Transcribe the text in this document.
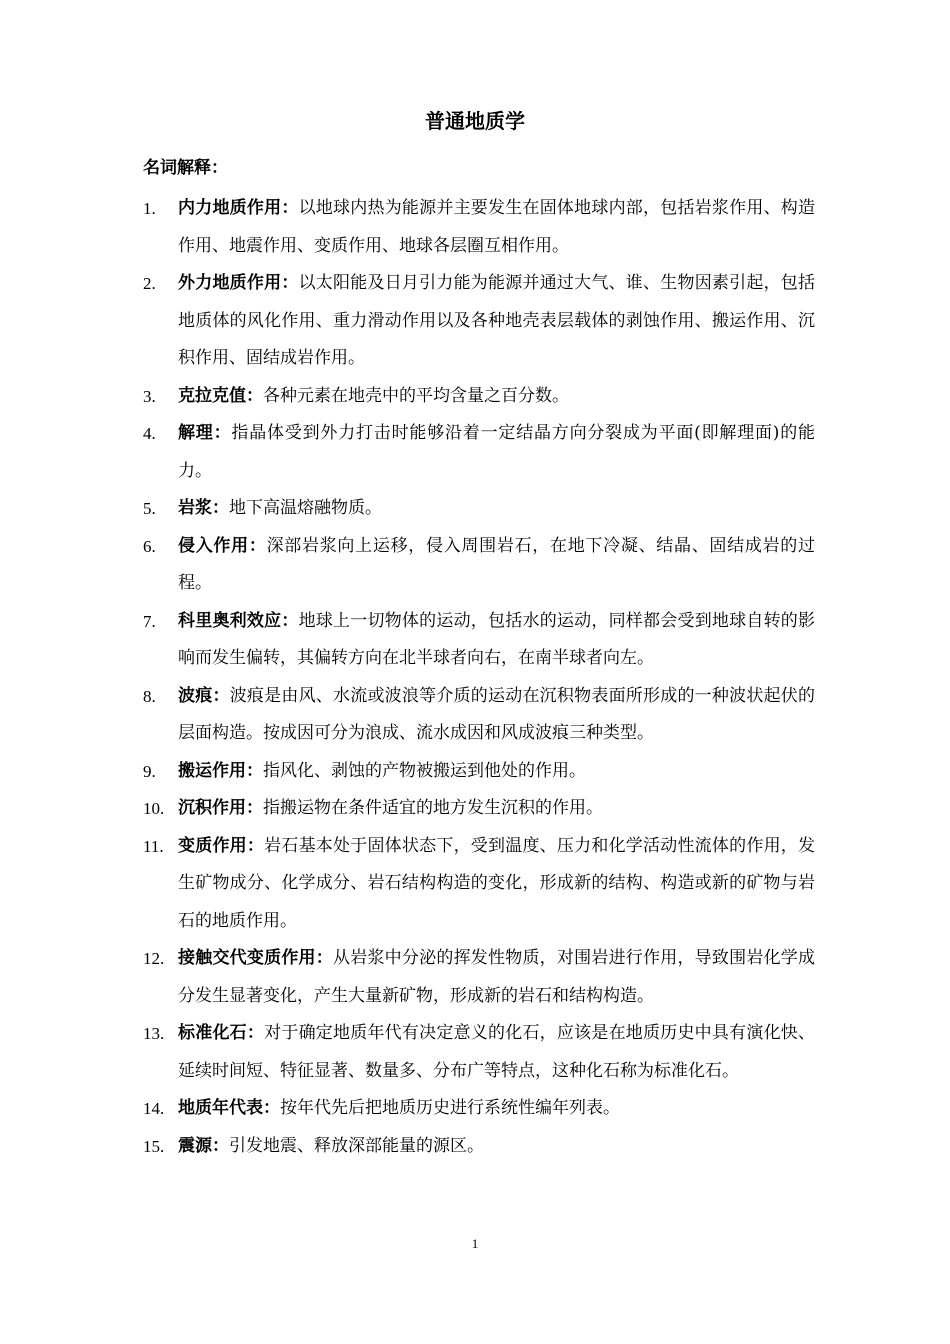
普通地质学
名词解释：
1. 内力地质作用：以地球内热为能源并主要发生在固体地球内部，包括岩浆作用、构造作用、地震作用、变质作用、地球各层圈互相作用。
2. 外力地质作用：以太阳能及日月引力能为能源并通过大气、谁、生物因素引起，包括地质体的风化作用、重力滑动作用以及各种地壳表层载体的剥蚀作用、搬运作用、沉积作用、固结成岩作用。
3. 克拉克值：各种元素在地壳中的平均含量之百分数。
4. 解理：指晶体受到外力打击时能够沿着一定结晶方向分裂成为平面(即解理面)的能力。
5. 岩浆：地下高温熔融物质。
6. 侵入作用：深部岩浆向上运移，侵入周围岩石，在地下冷凝、结晶、固结成岩的过程。
7. 科里奥利效应：地球上一切物体的运动，包括水的运动，同样都会受到地球自转的影响而发生偏转，其偏转方向在北半球者向右，在南半球者向左。
8. 波痕：波痕是由风、水流或波浪等介质的运动在沉积物表面所形成的一种波状起伏的层面构造。按成因可分为浪成、流水成因和风成波痕三种类型。
9. 搬运作用：指风化、剥蚀的产物被搬运到他处的作用。
10. 沉积作用：指搬运物在条件适宜的地方发生沉积的作用。
11. 变质作用：岩石基本处于固体状态下，受到温度、压力和化学活动性流体的作用，发生矿物成分、化学成分、岩石结构构造的变化，形成新的结构、构造或新的矿物与岩石的地质作用。
12. 接触交代变质作用：从岩浆中分泌的挥发性物质，对围岩进行作用，导致围岩化学成分发生显著变化，产生大量新矿物，形成新的岩石和结构构造。
13. 标准化石：对于确定地质年代有决定意义的化石，应该是在地质历史中具有演化快、延续时间短、特征显著、数量多、分布广等特点，这种化石称为标准化石。
14. 地质年代表：按年代先后把地质历史进行系统性编年列表。
15. 震源：引发地震、释放深部能量的源区。
1
